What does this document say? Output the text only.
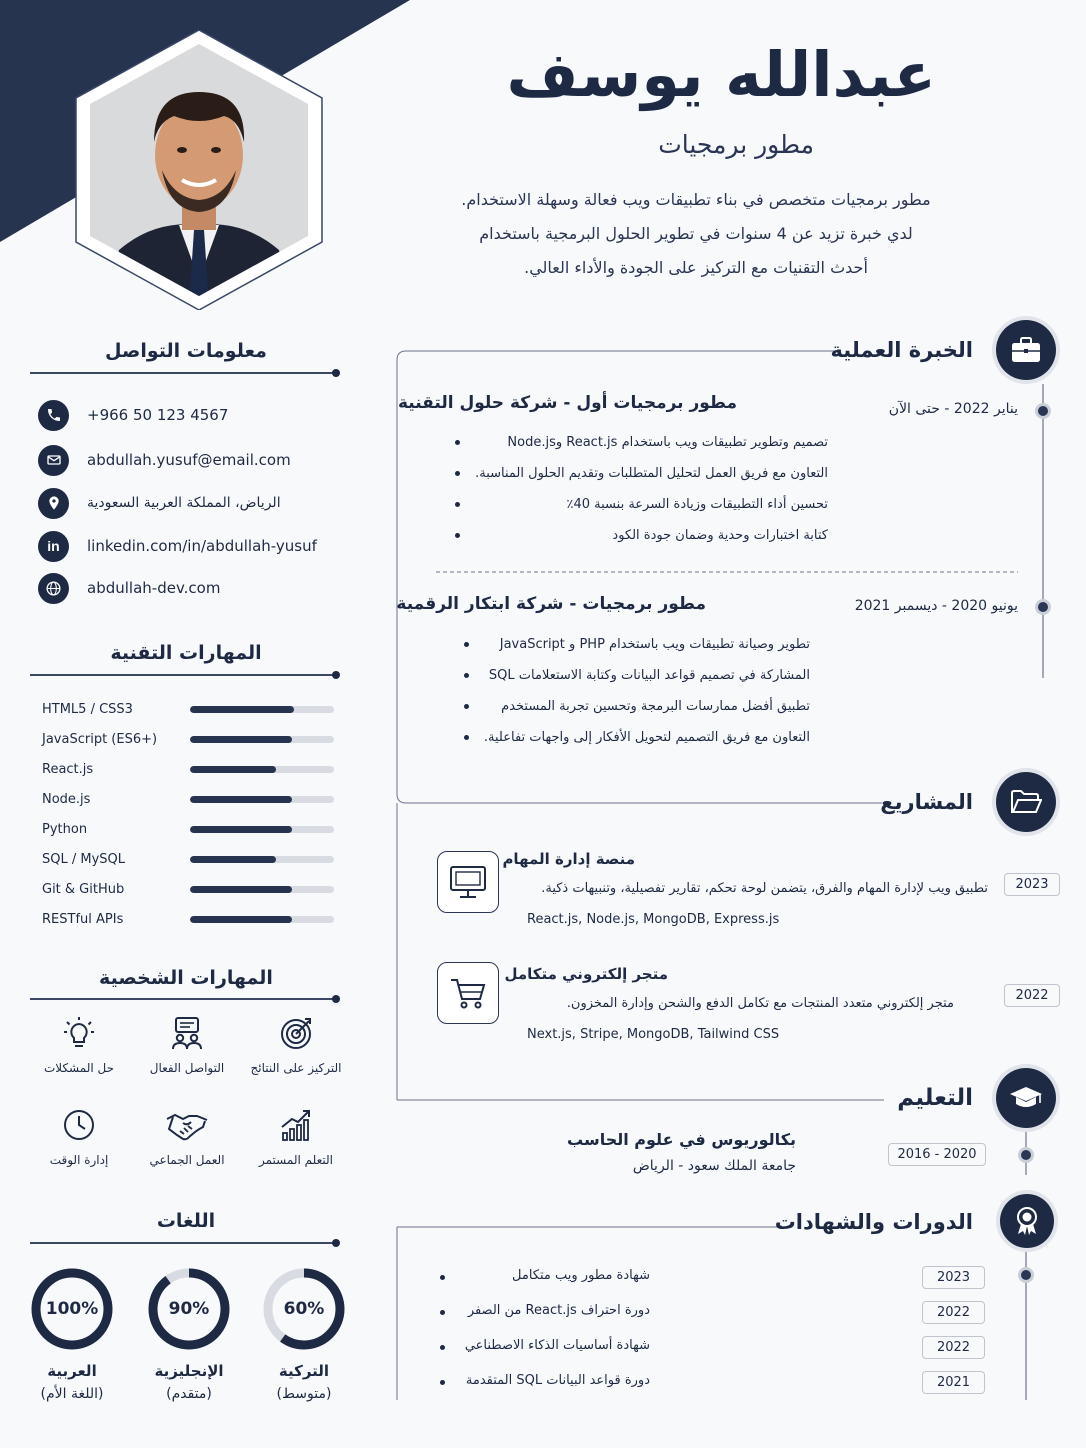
عبدالله يوسف
مطور برمجيات
مطور برمجيات متخصص في بناء تطبيقات ويب فعالة وسهلة الاستخدام.
لدي خبرة تزيد عن 4 سنوات في تطوير الحلول البرمجية باستخدام
أحدث التقنيات مع التركيز على الجودة والأداء العالي.
معلومات التواصل
+966 50 123 4567
abdullah.yusuf@email.com
الرياض، المملكة العربية السعودية
in linkedin.com/in/abdullah-yusuf
abdullah-dev.com
المهارات التقنية
HTML5 / CSS3
JavaScript (ES6+)
React.js
Node.js
Python
SQL / MySQL
Git & GitHub
RESTful APIs
المهارات الشخصية
التركيز على النتائج
التواصل الفعال
حل المشكلات
التعلم المستمر
العمل الجماعي
إدارة الوقت
اللغات
60%
التركية
(متوسط)
90%
الإنجليزية
(متقدم)
100%
العربية
(اللغة الأم)
الخبرة العملية
مطور برمجيات أول - شركة حلول التقنية	يناير 2022 - حتى الآن
تصميم وتطوير تطبيقات ويب باستخدام React.js وNode.js
التعاون مع فريق العمل لتحليل المتطلبات وتقديم الحلول المناسبة.
تحسين أداء التطبيقات وزيادة السرعة بنسبة 40٪
كتابة اختبارات وحدية وضمان جودة الكود
مطور برمجيات - شركة ابتكار الرقمية	يونيو 2020 - ديسمبر 2021
تطوير وصيانة تطبيقات ويب باستخدام PHP و JavaScript
المشاركة في تصميم قواعد البيانات وكتابة الاستعلامات SQL
تطبيق أفضل ممارسات البرمجة وتحسين تجربة المستخدم
التعاون مع فريق التصميم لتحويل الأفكار إلى واجهات تفاعلية.
المشاريع
منصة إدارة المهام
تطبيق ويب لإدارة المهام والفرق، يتضمن لوحة تحكم، تقارير تفصيلية، وتنبيهات ذكية.
React.js, Node.js, MongoDB, Express.js
2023
متجر إلكتروني متكامل
متجر إلكتروني متعدد المنتجات مع تكامل الدفع والشحن وإدارة المخزون.
Next.js, Stripe, MongoDB, Tailwind CSS
2022
التعليم
بكالوريوس في علوم الحاسب
جامعة الملك سعود - الرياض
2016 - 2020
الدورات والشهادات
شهادة مطور ويب متكامل	2023
دورة احتراف React.js من الصفر	2022
شهادة أساسيات الذكاء الاصطناعي	2022
دورة قواعد البيانات SQL المتقدمة	2021
